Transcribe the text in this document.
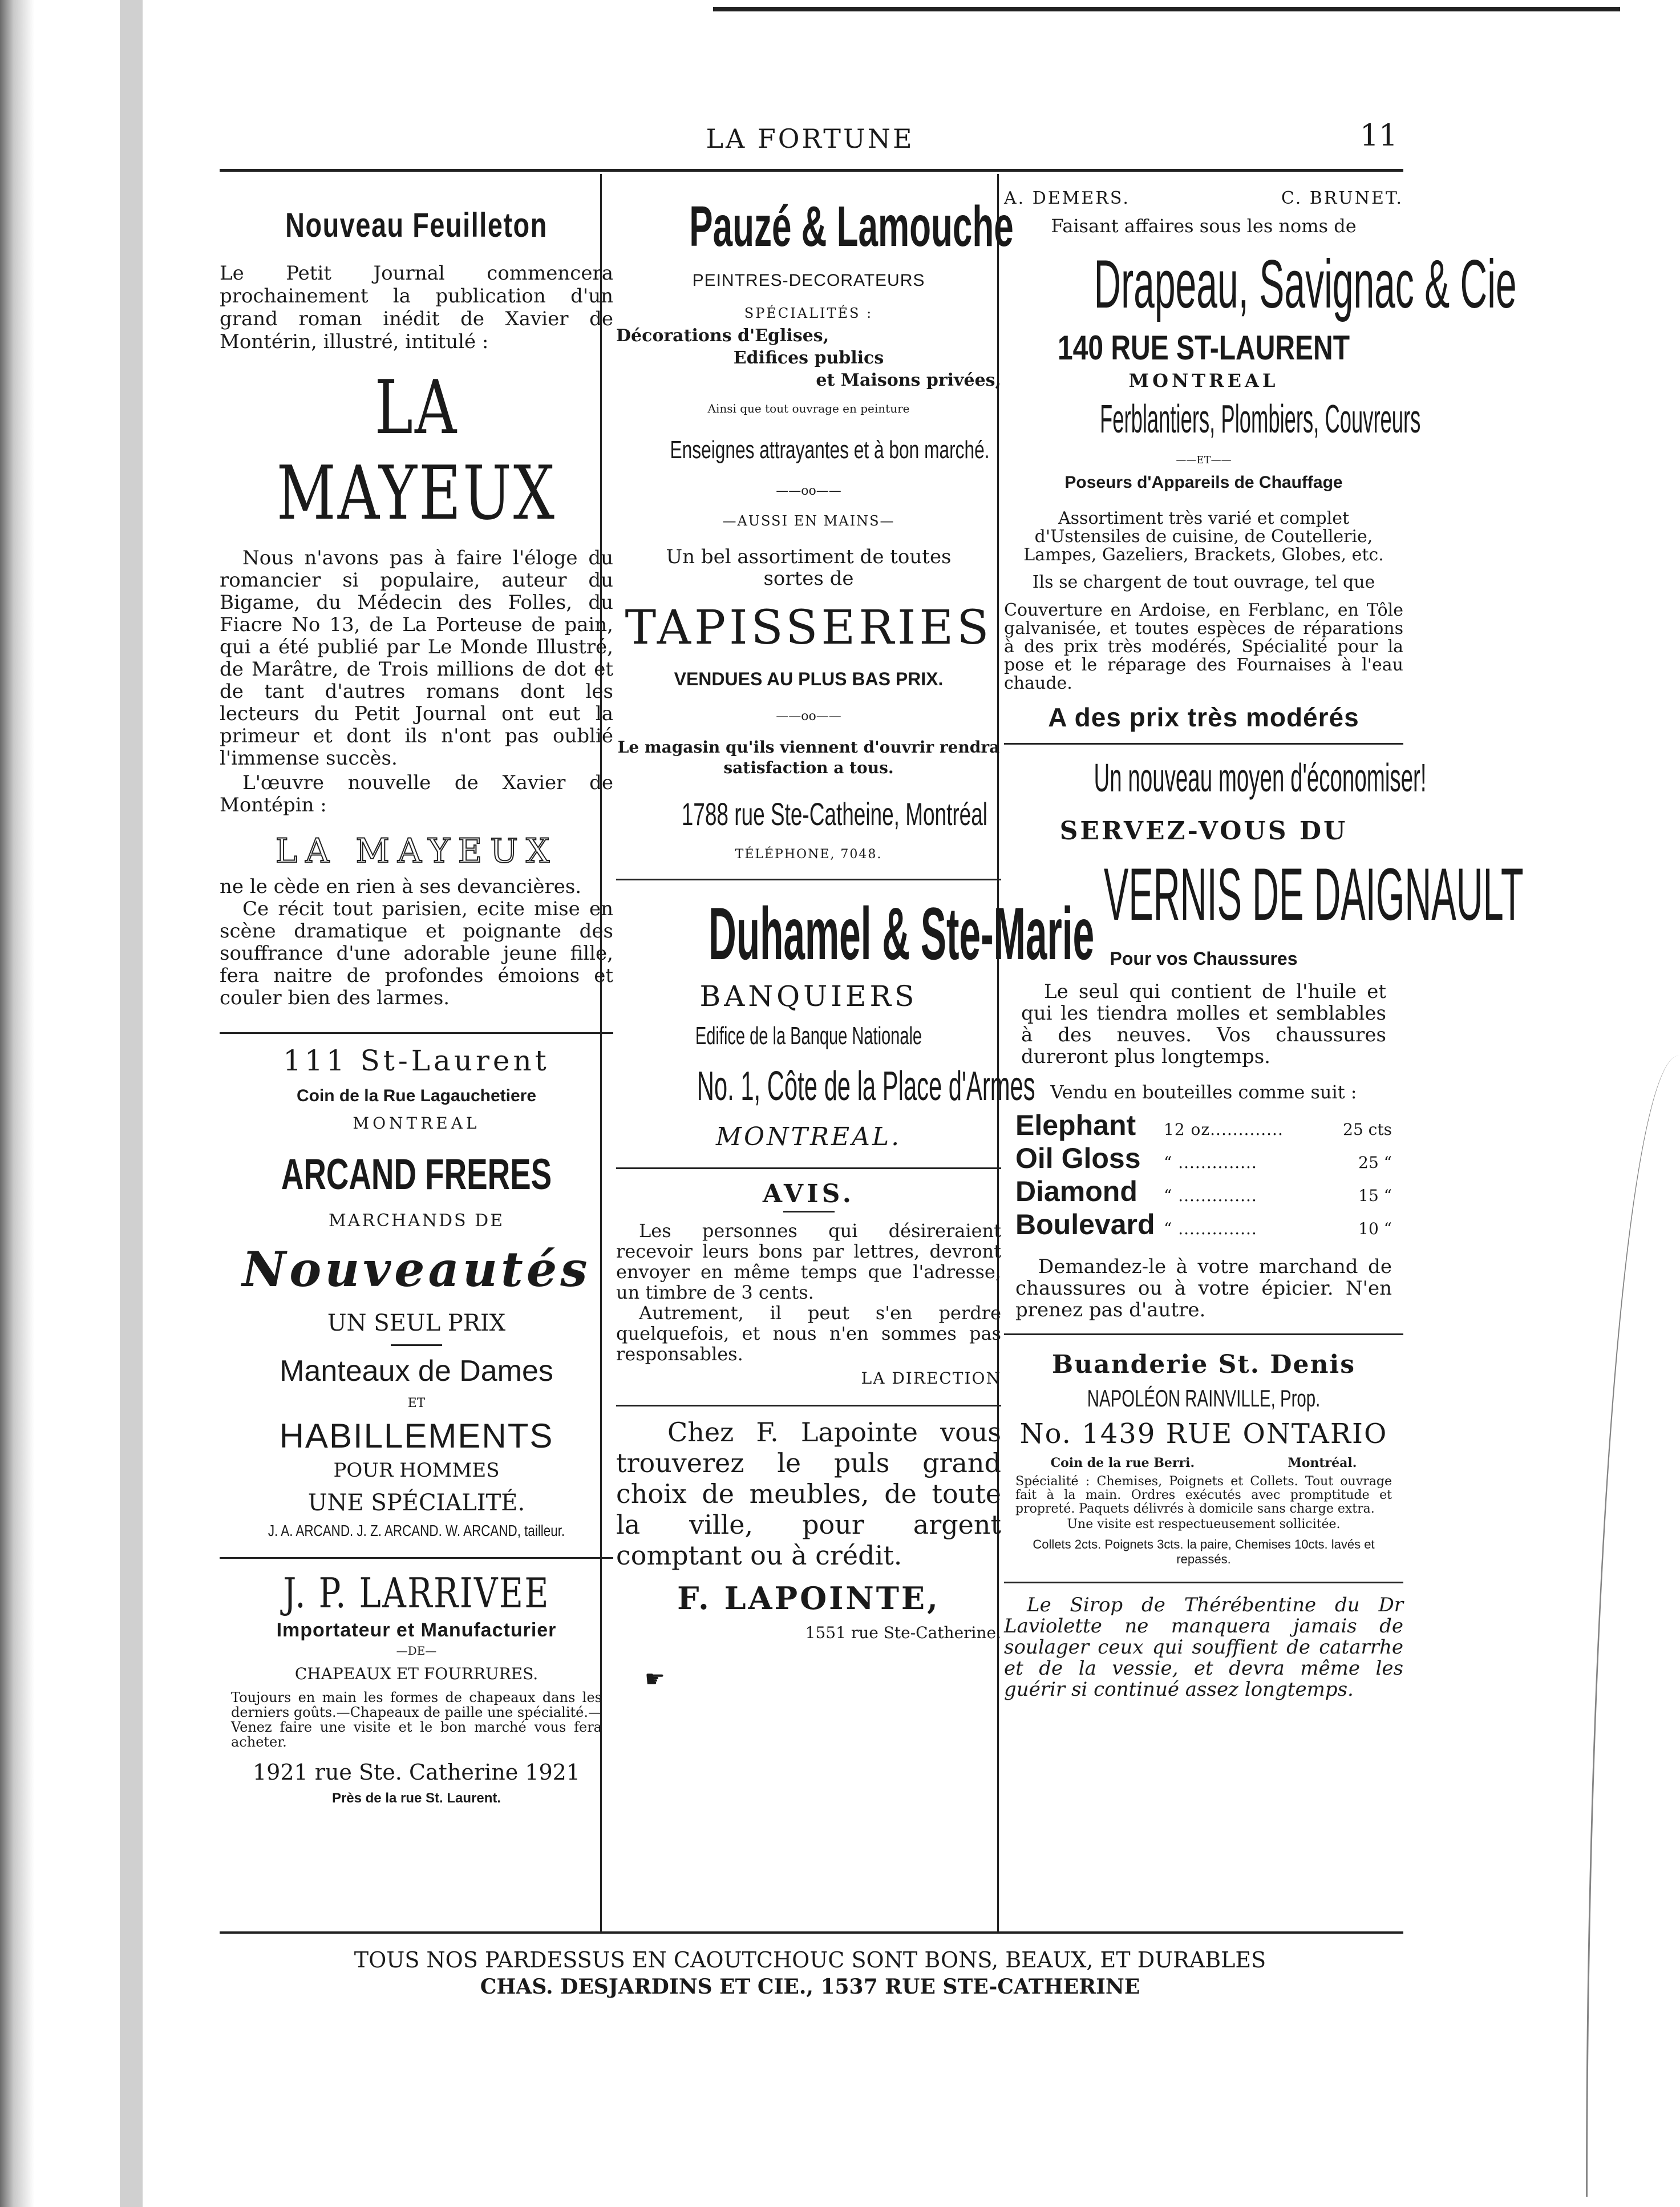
LA FORTUNE	11
Nouveau Feuilleton

Le Petit Journal commencera prochainement la publication d'un grand roman inédit de Xavier de Montérin, illustré, intitulé :

LA MAYEUX

Nous n'avons pas à faire l'éloge du romancier si populaire, auteur du Bigame, du Médecin des Folles, du Fiacre No 13, de La Porteuse de pain, qui a été publié par Le Monde Illustré, de Marâtre, de Trois millions de dot et de tant d'autres romans dont les lecteurs du Petit Journal ont eut la primeur et dont ils n'ont pas oublié l'immense succès.

L'œuvre nouvelle de Xavier de Montépin :

LA MAYEUX

ne le cède en rien à ses devancières.

Ce récit tout parisien, ecite mise en scène dramatique et poignante des souffrance d'une adorable jeune fille, fera naitre de profondes émoions et couler bien des larmes.

111 St-Laurent
Coin de la Rue Lagauchetiere
MONTREAL
ARCAND FRERES
MARCHANDS DE
Nouveautés
UN SEUL PRIX
Manteaux de Dames
ET
HABILLEMENTS
POUR HOMMES
UNE SPÉCIALITÉ.
J. A. ARCAND. J. Z. ARCAND. W. ARCAND, tailleur.
J. P. LARRIVEE
Importateur et Manufacturier
—DE—
CHAPEAUX ET FOURRURES.

Toujours en main les formes de chapeaux dans les derniers goûts.—Chapeaux de paille une spécialité.—Venez faire une visite et le bon marché vous fera acheter.

1921 rue Ste. Catherine 1921
Près de la rue St. Laurent.
Pauzé & Lamouche
PEINTRES-DECORATEURS
SPÉCIALITÉS :
Décorations d'Eglises,
Edifices publics
et Maisons privées,
Ainsi que tout ouvrage en peinture
Enseignes attrayantes et à bon marché.
——oo——
—AUSSI EN MAINS—

Un bel assortiment de toutes sortes de

TAPISSERIES
VENDUES AU PLUS BAS PRIX.
——oo——

Le magasin qu'ils viennent d'ouvrir rendra satisfaction a tous.

1788 rue Ste-Catheine, Montréal
TÉLÉPHONE, 7048.
Duhamel & Ste-Marie
BANQUIERS
Edifice de la Banque Nationale
No. 1, Côte de la Place d'Armes
MONTREAL.
AVIS.

Les personnes qui désireraient recevoir leurs bons par lettres, devront envoyer en même temps que l'adresse, un timbre de 3 cents.

Autrement, il peut s'en perdre quelquefois, et nous n'en sommes pas responsables.

LA DIRECTION
☛

Chez F. Lapointe vous trouverez le puls grand choix de meubles, de toute la ville, pour argent comptant ou à crédit.

F. LAPOINTE,
1551 rue Ste-Catherine.
A. DEMERS.	C. BRUNET.
Faisant affaires sous les noms de
Drapeau, Savignac & Cie
140 RUE ST-LAURENT
MONTREAL
Ferblantiers, Plombiers, Couvreurs
——ET——
Poseurs d'Appareils de Chauffage

Assortiment très varié et complet d'Ustensiles de cuisine, de Coutellerie, Lampes, Gazeliers, Brackets, Globes, etc.

Ils se chargent de tout ouvrage, tel que

Couverture en Ardoise, en Ferblanc, en Tôle galvanisée, et toutes espèces de réparations à des prix très modérés, Spécialité pour la pose et le réparage des Fournaises à l'eau chaude.

A des prix très modérés
Un nouveau moyen d'économiser!
SERVEZ-VOUS DU
VERNIS DE DAIGNAULT
Pour vos Chaussures

Le seul qui contient de l'huile et qui les tiendra molles et semblables à des neuves. Vos chaussures dureront plus longtemps.

Vendu en bouteilles comme suit :

Elephant	12 oz.............	25 cts
Oil Gloss	“ ..............	25 “
Diamond	“ ..............	15 “
Boulevard “ ..............	10 “

Demandez-le à votre marchand de chaussures ou à votre épicier. N'en prenez pas d'autre.

Buanderie St. Denis
NAPOLÉON RAINVILLE, Prop.
No. 1439 RUE ONTARIO
Coin de la rue Berri.	Montréal.

Spécialité : Chemises, Poignets et Collets. Tout ouvrage fait à la main. Ordres exécutés avec promptitude et propreté. Paquets délivrés à domicile sans charge extra.

Une visite est respectueusement sollicitée.

Collets 2cts. Poignets 3cts. la paire, Chemises 10cts. lavés et repassés.

Le Sirop de Thérébentine du Dr Laviolette ne manquera jamais de soulager ceux qui souffient de catarrhe et de la vessie, et devra même les guérir si continué assez longtemps.

TOUS NOS PARDESSUS EN CAOUTCHOUC SONT BONS, BEAUX, ET DURABLES
CHAS. DESJARDINS ET CIE., 1537 RUE STE-CATHERINE
